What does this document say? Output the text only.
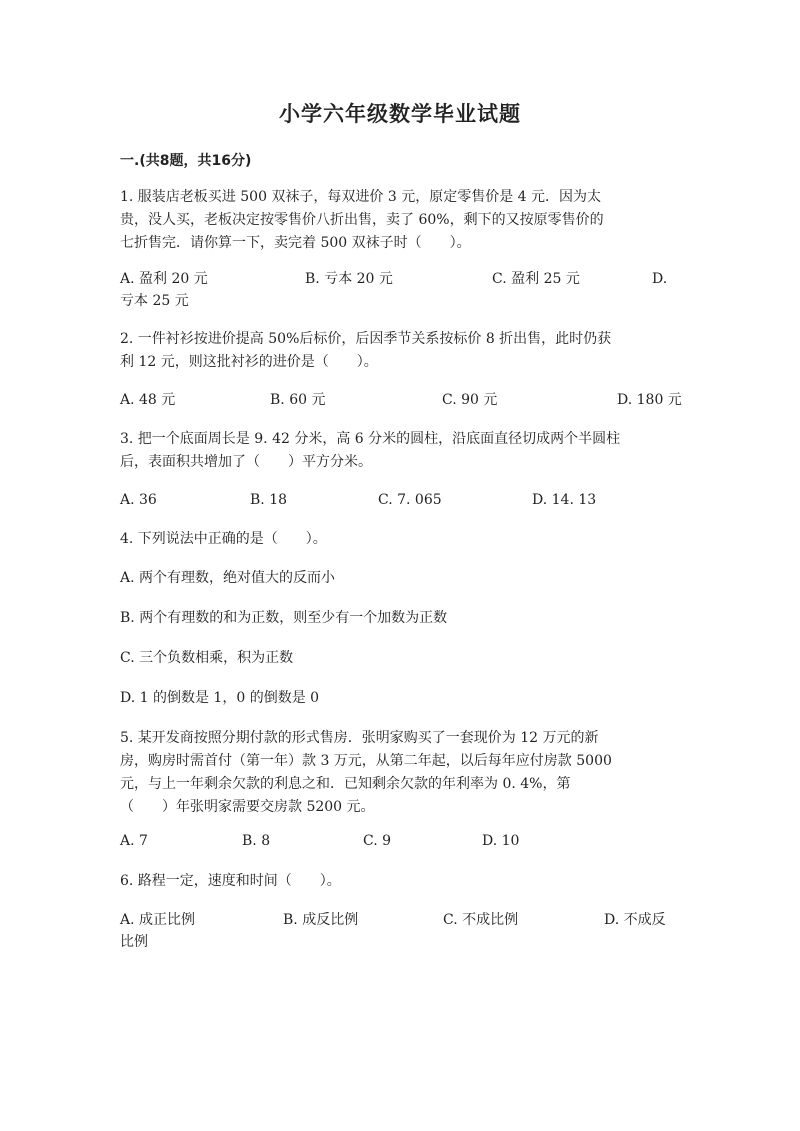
小学六年级数学毕业试题
一.(共8题，共16分)
1. 服装店老板买进 500 双袜子，每双进价 3 元，原定零售价是 4 元．因为太
贵，没人买，老板决定按零售价八折出售，卖了 60%，剩下的又按原零售价的
七折售完．请你算一下，卖完着 500 双袜子时（　　）。
A. 盈利 20 元	B. 亏本 20 元	C. 盈利 25 元	D.
亏本 25 元
2. 一件衬衫按进价提高 50%后标价，后因季节关系按标价 8 折出售，此时仍获
利 12 元，则这批衬衫的进价是（　　）。
A. 48 元	B. 60 元	C. 90 元	D. 180 元
3. 把一个底面周长是 9. 42 分米，高 6 分米的圆柱，沿底面直径切成两个半圆柱
后，表面积共增加了（　　）平方分米。
A. 36	B. 18	C. 7. 065	D. 14. 13
4. 下列说法中正确的是（　　）。
A. 两个有理数，绝对值大的反而小
B. 两个有理数的和为正数，则至少有一个加数为正数
C. 三个负数相乘，积为正数
D. 1 的倒数是 1，0 的倒数是 0
5. 某开发商按照分期付款的形式售房．张明家购买了一套现价为 12 万元的新
房，购房时需首付（第一年）款 3 万元，从第二年起，以后每年应付房款 5000
元，与上一年剩余欠款的利息之和．已知剩余欠款的年利率为 0. 4%，第
（　　）年张明家需要交房款 5200 元。
A. 7	B. 8	C. 9	D. 10
6. 路程一定，速度和时间（　　）。
A. 成正比例	B. 成反比例	C. 不成比例	D. 不成反
比例
